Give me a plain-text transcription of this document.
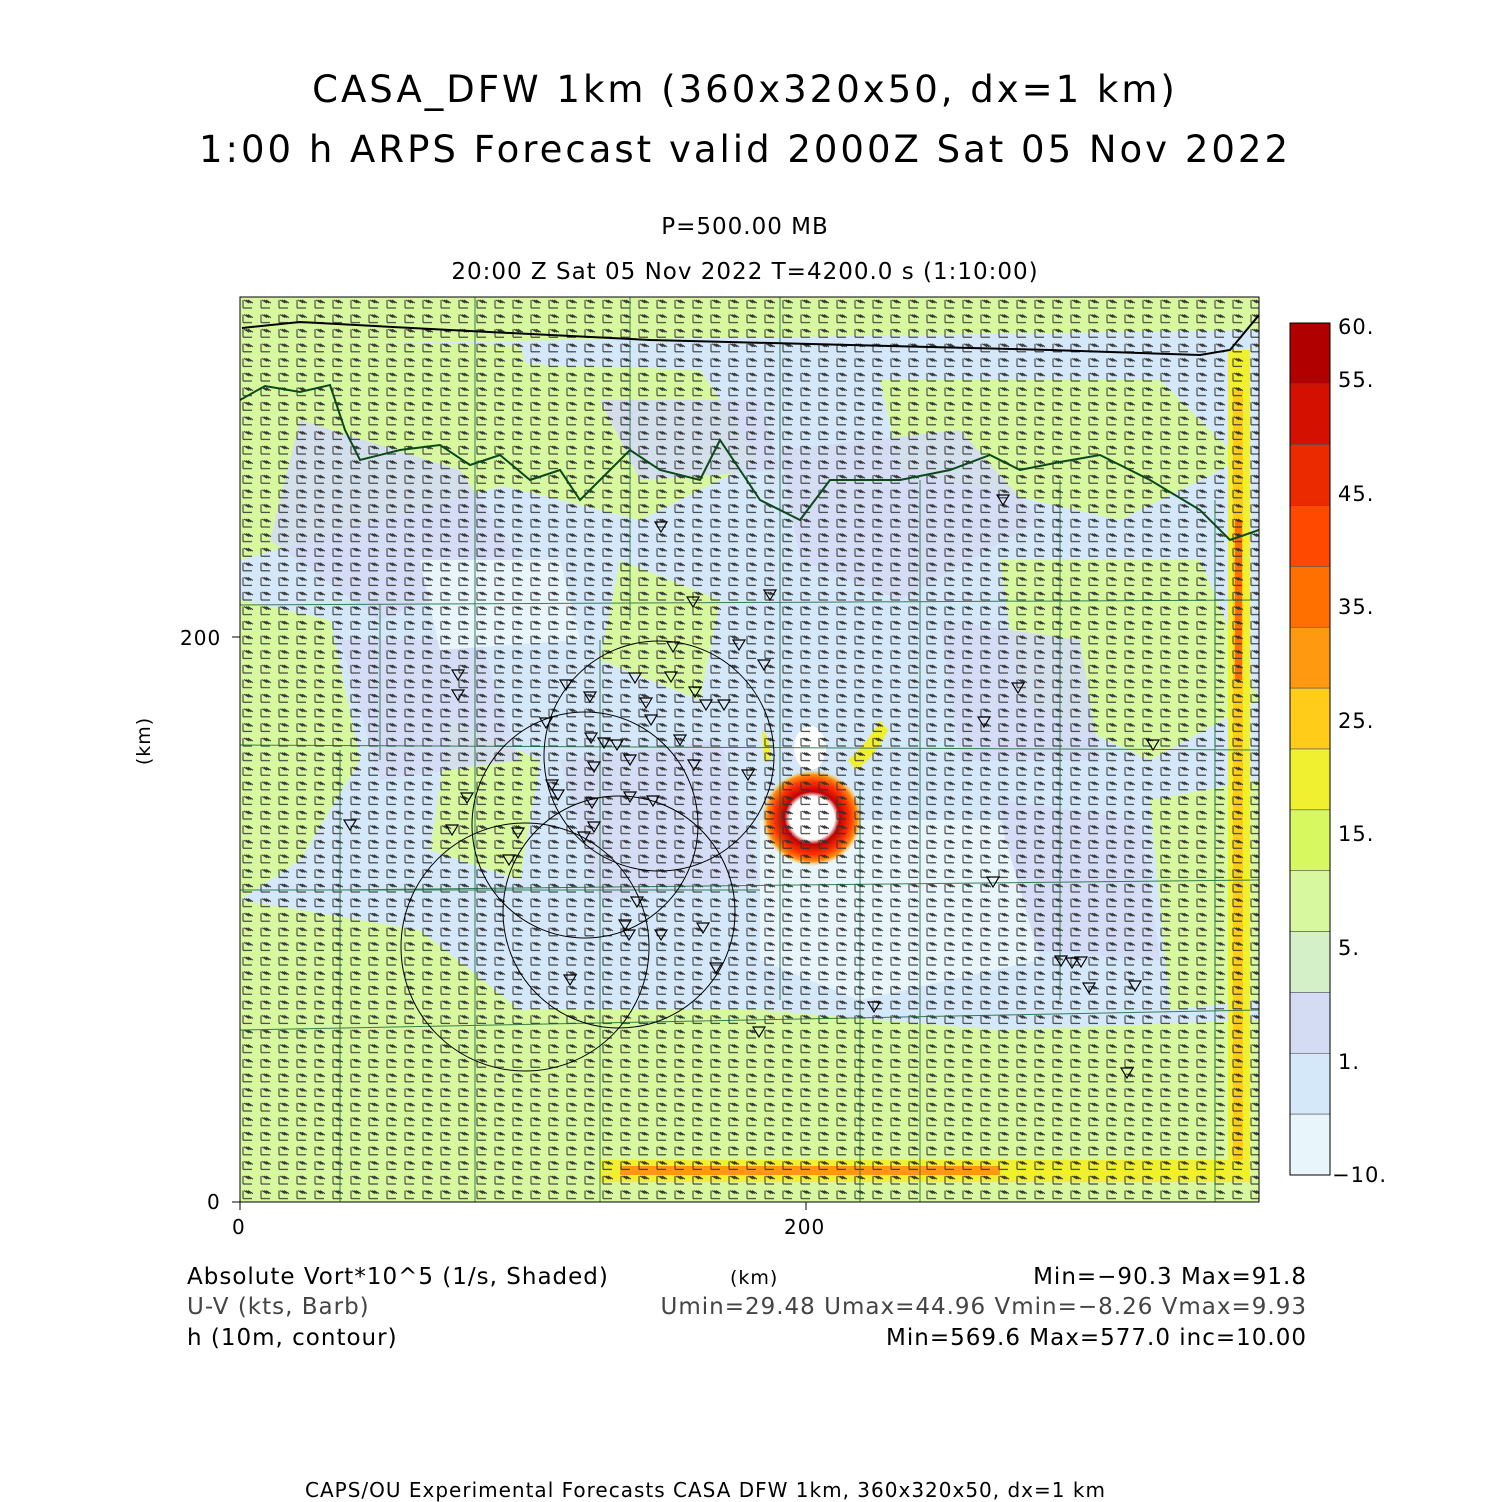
CASA_DFW 1km (360x320x50, dx=1 km)
1:00 h ARPS Forecast valid 2000Z Sat 05 Nov 2022
P=500.00 MB
20:00 Z Sat 05 Nov 2022 T=4200.0 s (1:10:00)
(km)
0
200
0	200
60.
55.
45.
35.
25.
15.
5.
1.
−10.
Absolute Vort*10^5 (1/s, Shaded)
U-V (kts, Barb)
h (10m, contour)
(km)	Min=−90.3 Max=91.8
Umin=29.48 Umax=44.96 Vmin=−8.26 Vmax=9.93
Min=569.6 Max=577.0 inc=10.00
CAPS/OU Experimental Forecasts CASA DFW 1km, 360x320x50, dx=1 km
